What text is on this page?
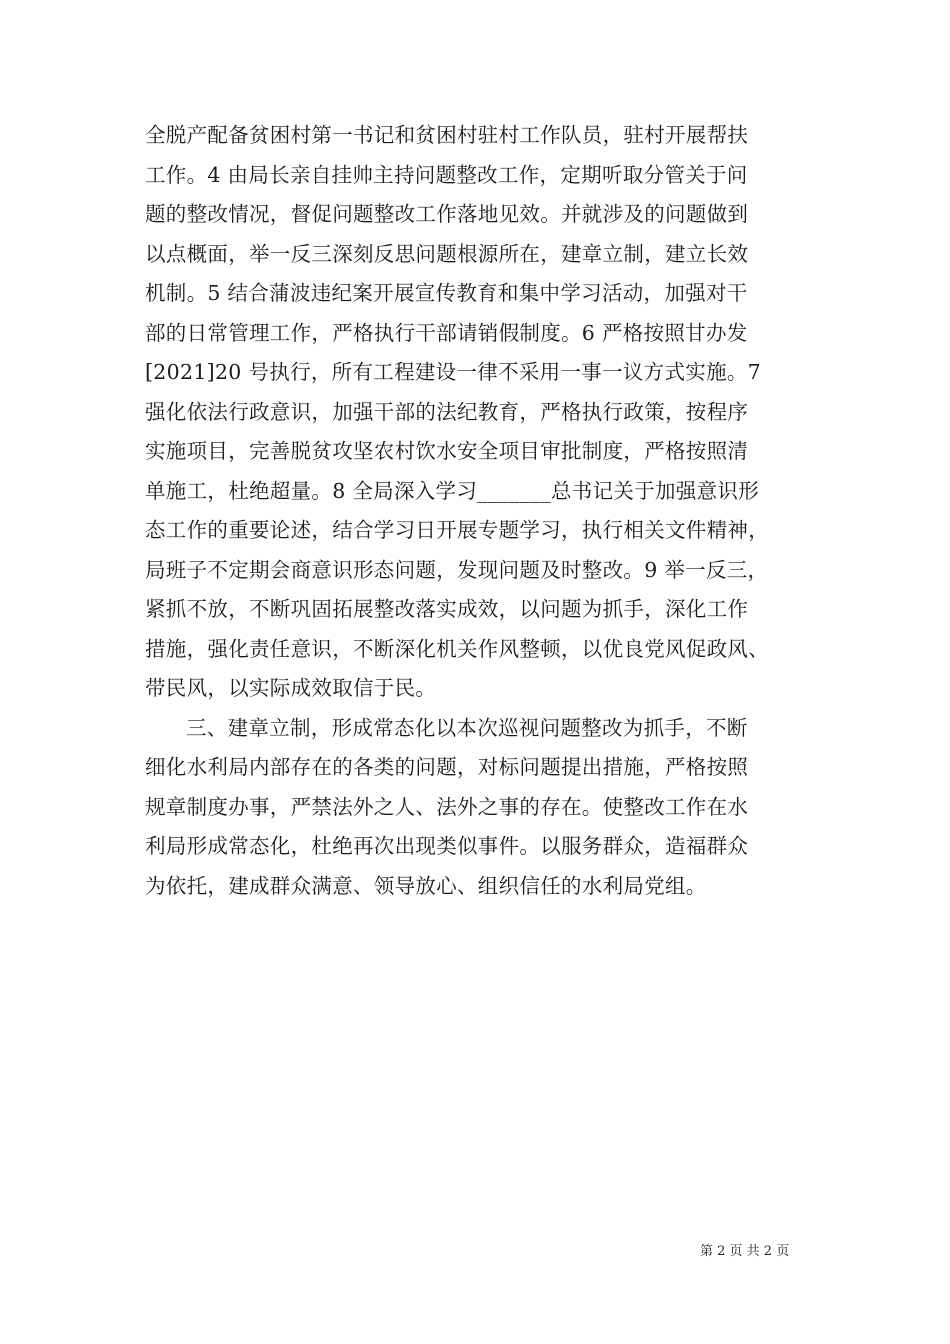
全脱产配备贫困村第一书记和贫困村驻村工作队员，驻村开展帮扶
工作。4 由局长亲自挂帅主持问题整改工作，定期听取分管关于问
题的整改情况，督促问题整改工作落地见效。并就涉及的问题做到
以点概面，举一反三深刻反思问题根源所在，建章立制，建立长效
机制。5 结合蒲波违纪案开展宣传教育和集中学习活动，加强对干
部的日常管理工作，严格执行干部请销假制度。6 严格按照甘办发
[2021]20 号执行，所有工程建设一律不采用一事一议方式实施。7
强化依法行政意识，加强干部的法纪教育，严格执行政策，按程序
实施项目，完善脱贫攻坚农村饮水安全项目审批制度，严格按照清
单施工，杜绝超量。8 全局深入学习_______总书记关于加强意识形
态工作的重要论述，结合学习日开展专题学习，执行相关文件精神，
局班子不定期会商意识形态问题，发现问题及时整改。9 举一反三，
紧抓不放，不断巩固拓展整改落实成效，以问题为抓手，深化工作
措施，强化责任意识，不断深化机关作风整顿，以优良党风促政风、
带民风，以实际成效取信于民。
三、建章立制，形成常态化以本次巡视问题整改为抓手，不断
细化水利局内部存在的各类的问题，对标问题提出措施，严格按照
规章制度办事，严禁法外之人、法外之事的存在。使整改工作在水
利局形成常态化，杜绝再次出现类似事件。以服务群众，造福群众
为依托，建成群众满意、领导放心、组织信任的水利局党组。
第 2 页 共 2 页
